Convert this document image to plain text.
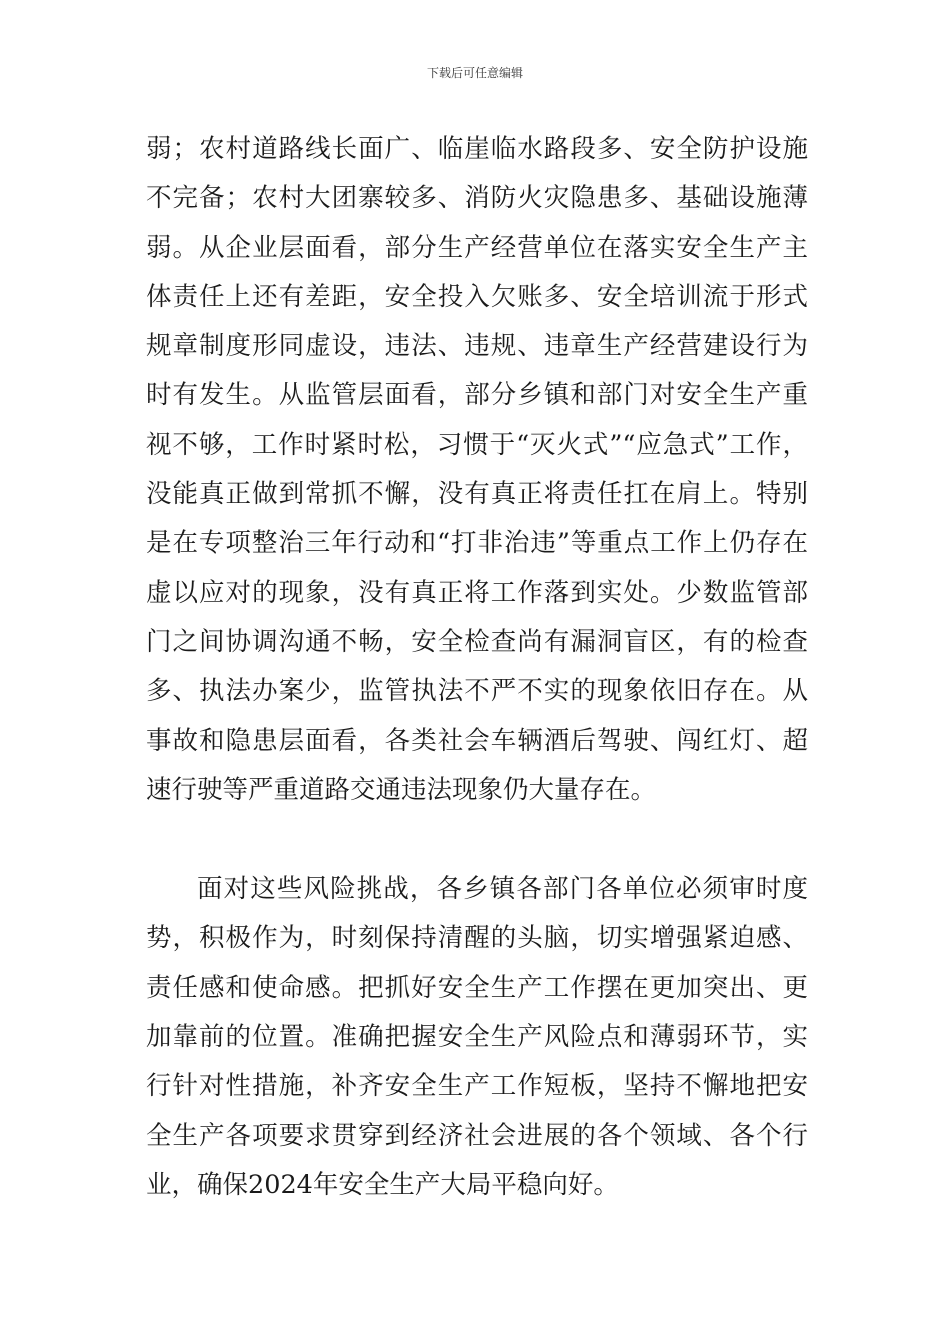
下载后可任意编辑

弱；农村道路线长面广、临崖临水路段多、安全防护设施不完备；农村大团寨较多、消防火灾隐患多、基础设施薄弱。从企业层面看，部分生产经营单位在落实安全生产主体责任上还有差距，安全投入欠账多、安全培训流于形式规章制度形同虚设，违法、违规、违章生产经营建设行为时有发生。从监管层面看，部分乡镇和部门对安全生产重视不够，工作时紧时松，习惯于“灭火式”“应急式”工作，没能真正做到常抓不懈，没有真正将责任扛在肩上。特别是在专项整治三年行动和“打非治违”等重点工作上仍存在虚以应对的现象，没有真正将工作落到实处。少数监管部门之间协调沟通不畅，安全检查尚有漏洞盲区，有的检查多、执法办案少，监管执法不严不实的现象依旧存在。从事故和隐患层面看，各类社会车辆酒后驾驶、闯红灯、超速行驶等严重道路交通违法现象仍大量存在。

面对这些风险挑战，各乡镇各部门各单位必须审时度势，积极作为，时刻保持清醒的头脑，切实增强紧迫感、责任感和使命感。把抓好安全生产工作摆在更加突出、更加靠前的位置。准确把握安全生产风险点和薄弱环节，实行针对性措施，补齐安全生产工作短板，坚持不懈地把安全生产各项要求贯穿到经济社会进展的各个领域、各个行业，确保2024年安全生产大局平稳向好。
